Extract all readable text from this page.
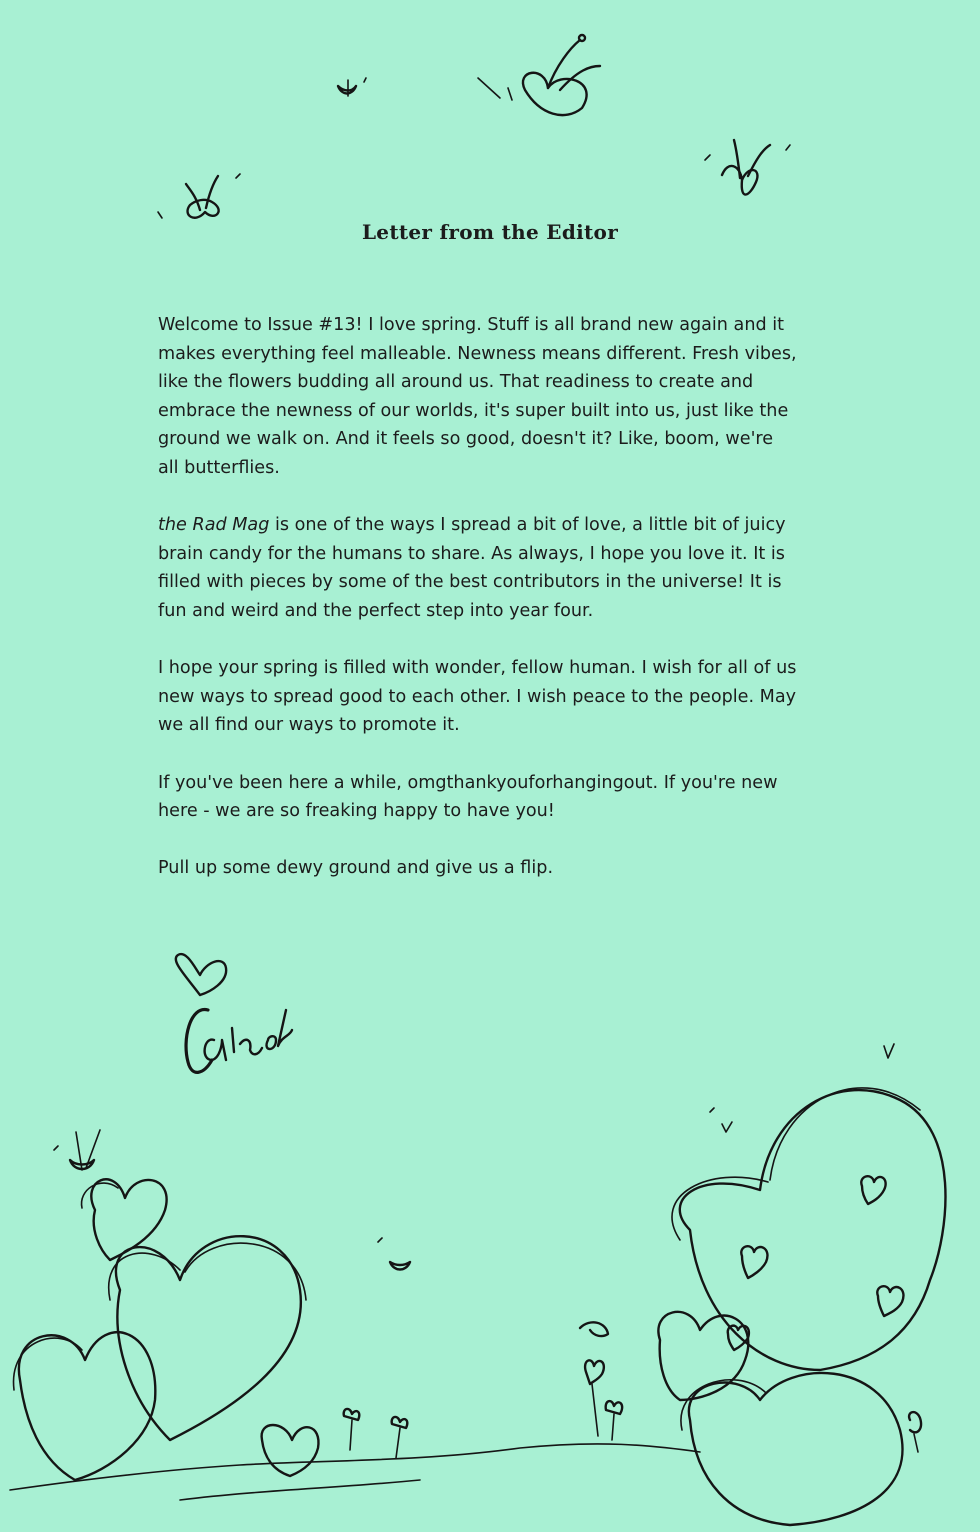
Letter from the Editor

Welcome to Issue #13! I love spring. Stuff is all brand new again and it
makes everything feel malleable. Newness means different. Fresh vibes,
like the flowers budding all around us. That readiness to create and
embrace the newness of our worlds, it's super built into us, just like the
ground we walk on. And it feels so good, doesn't it? Like, boom, we're
all butterflies.

the Rad Mag is one of the ways I spread a bit of love, a little bit of juicy
brain candy for the humans to share. As always, I hope you love it. It is
filled with pieces by some of the best contributors in the universe! It is
fun and weird and the perfect step into year four.

I hope your spring is filled with wonder, fellow human. I wish for all of us
new ways to spread good to each other. I wish peace to the people. May
we all find our ways to promote it.

If you've been here a while, omgthankyouforhangingout. If you're new
here - we are so freaking happy to have you!

Pull up some dewy ground and give us a flip.
